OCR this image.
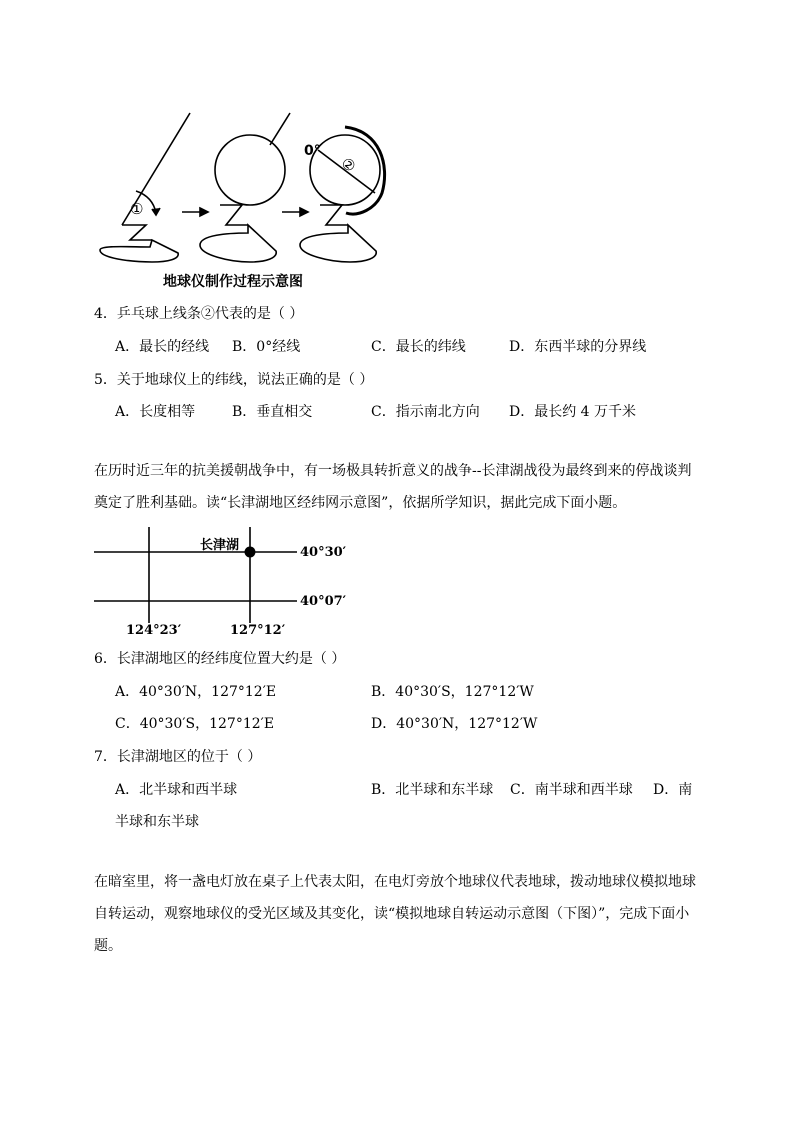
0°
①
②
地球仪制作过程示意图
4．乒乓球上线条②代表的是（ ）
A．最长的经线 B．0°经线	C．最长的纬线	D．东西半球的分界线
5．关于地球仪上的纬线，说法正确的是（ ）
A．长度相等	B．垂直相交	C．指示南北方向 D．最长约 4 万千米
在历时近三年的抗美援朝战争中，有一场极具转折意义的战争--长津湖战役为最终到来的停战谈判奠定了胜利基础。读“长津湖地区经纬网示意图”，依据所学知识，据此完成下面小题。
长津湖	40°30′
40°07′
124°23′	127°12′
6．长津湖地区的经纬度位置大约是（ ）
A．40°30′N，127°12′E	B．40°30′S，127°12′W
C．40°30′S，127°12′E	D．40°30′N，127°12′W
7．长津湖地区的位于（ ）
A．北半球和西半球	B．北半球和东半球 C．南半球和西半球 D．南
半球和东半球
在暗室里，将一盏电灯放在桌子上代表太阳，在电灯旁放个地球仪代表地球，拨动地球仪模拟地球自转运动，观察地球仪的受光区域及其变化，读“模拟地球自转运动示意图（下图）”，完成下面小题。
